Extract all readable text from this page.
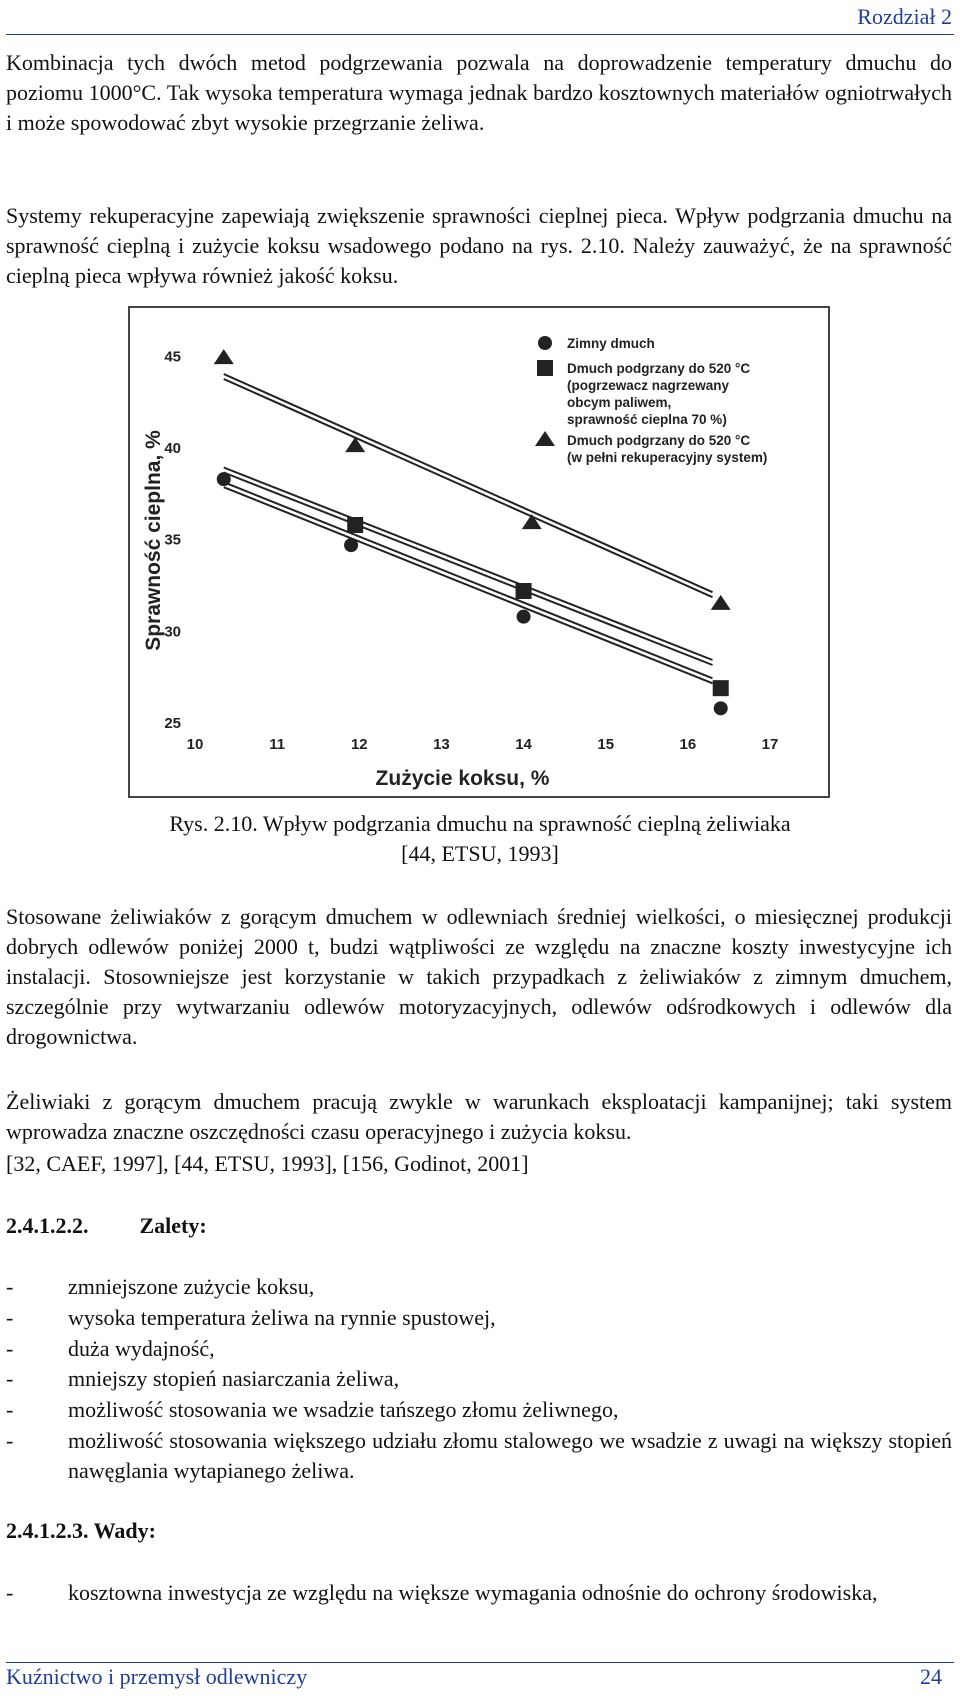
Rozdział 2
Kombinacja tych dwóch metod podgrzewania pozwala na doprowadzenie temperatury dmuchu do poziomu 1000°C. Tak wysoka temperatura wymaga jednak bardzo kosztownych materiałów ogniotrwałych i może spowodować zbyt wysokie przegrzanie żeliwa.
Systemy rekuperacyjne zapewiają zwiększenie sprawności cieplnej pieca. Wpływ podgrzania dmuchu na sprawność cieplną i zużycie koksu wsadowego podano na rys. 2.10. Należy zauważyć, że na sprawność cieplną pieca wpływa również jakość koksu.
10	11	12	13	14	15	16	17
25
30
35
40
45
Zużycie koksu, %
Sprawność cieplna, %
Zimny dmuch
Dmuch podgrzany do 520 °C
(pogrzewacz nagrzewany
obcym paliwem,
sprawność cieplna 70 %)
Dmuch podgrzany do 520 °C
(w pełni rekuperacyjny system)
Rys. 2.10. Wpływ podgrzania dmuchu na sprawność cieplną żeliwiaka
[44, ETSU, 1993]
Stosowane żeliwiaków z gorącym dmuchem w odlewniach średniej wielkości, o miesięcznej produkcji dobrych odlewów poniżej 2000 t, budzi wątpliwości ze względu na znaczne koszty inwestycyjne ich instalacji. Stosowniejsze jest korzystanie w takich przypadkach z żeliwiaków z zimnym dmuchem, szczególnie przy wytwarzaniu odlewów motoryzacyjnych, odlewów odśrodkowych i odlewów dla drogownictwa.
Żeliwiaki z gorącym dmuchem pracują zwykle w warunkach eksploatacji kampanijnej; taki system wprowadza znaczne oszczędności czasu operacyjnego i zużycia koksu.
[32, CAEF, 1997], [44, ETSU, 1993], [156, Godinot, 2001]
2.4.1.2.2. Zalety:
-	zmniejszone zużycie koksu,
-	wysoka temperatura żeliwa na rynnie spustowej,
-	duża wydajność,
-	mniejszy stopień nasiarczania żeliwa,
-	możliwość stosowania we wsadzie tańszego złomu żeliwnego,
-	możliwość stosowania większego udziału złomu stalowego we wsadzie z uwagi na większy stopień nawęglania wytapianego żeliwa.
2.4.1.2.3. Wady:
-	kosztowna inwestycja ze względu na większe wymagania odnośnie do ochrony środowiska,
Kuźnictwo i przemysł odlewniczy	24
